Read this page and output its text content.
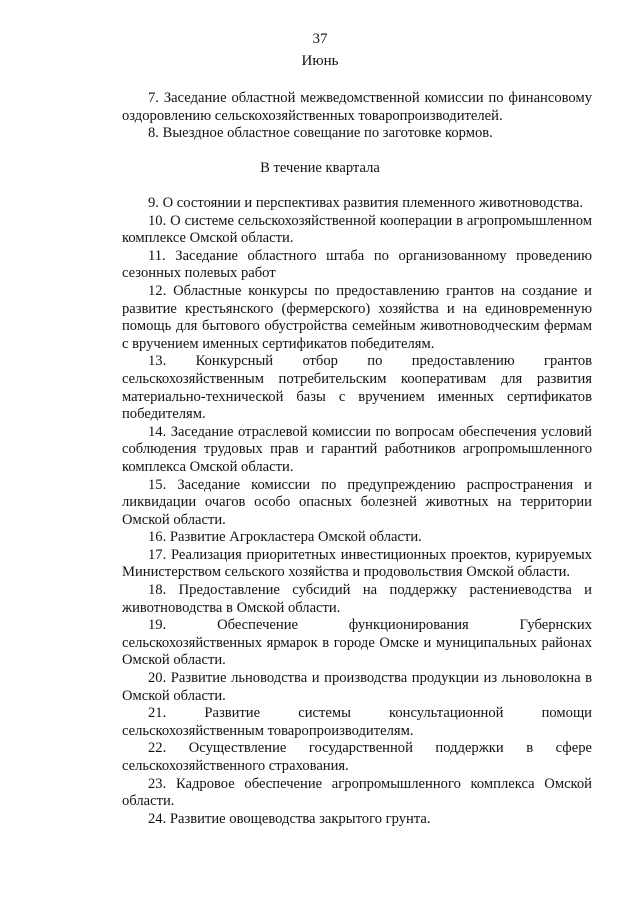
37
Июнь

7. Заседание областной межведомственной комиссии по финансовому оздоровлению сельскохозяйственных товаропроизводителей.

8. Выездное областное совещание по заготовке кормов.

В течение квартала

9. О состоянии и перспективах развития племенного животноводства.

10. О системе сельскохозяйственной кооперации в агропромышленном комплексе Омской области.

11. Заседание областного штаба по организованному проведению сезонных полевых работ

12. Областные конкурсы по предоставлению грантов на создание и развитие крестьянского (фермерского) хозяйства и на единовременную помощь для бытового обустройства семейным животноводческим фермам с вручением именных сертификатов победителям.

13. Конкурсный отбор по предоставлению грантов сельскохозяйственным потребительским кооперативам для развития материально-технической базы с вручением именных сертификатов победителям.

14. Заседание отраслевой комиссии по вопросам обеспечения условий соблюдения трудовых прав и гарантий работников агропромышленного комплекса Омской области.

15. Заседание комиссии по предупреждению распространения и ликвидации очагов особо опасных болезней животных на территории Омской области.

16. Развитие Агрокластера Омской области.

17. Реализация приоритетных инвестиционных проектов, курируемых Министерством сельского хозяйства и продовольствия Омской области.

18. Предоставление субсидий на поддержку растениеводства и животноводства в Омской области.

19.	Обеспечение функционирования Губернских сельскохозяйственных ярмарок в городе Омске и муниципальных районах Омской области.

20. Развитие льноводства и производства продукции из льноволокна в Омской области.

21.	Развитие системы консультационной помощи сельскохозяйственным товаропроизводителям.

22. Осуществление государственной поддержки в сфере сельскохозяйственного страхования.

23. Кадровое обеспечение агропромышленного комплекса Омской области.

24. Развитие овощеводства закрытого грунта.
